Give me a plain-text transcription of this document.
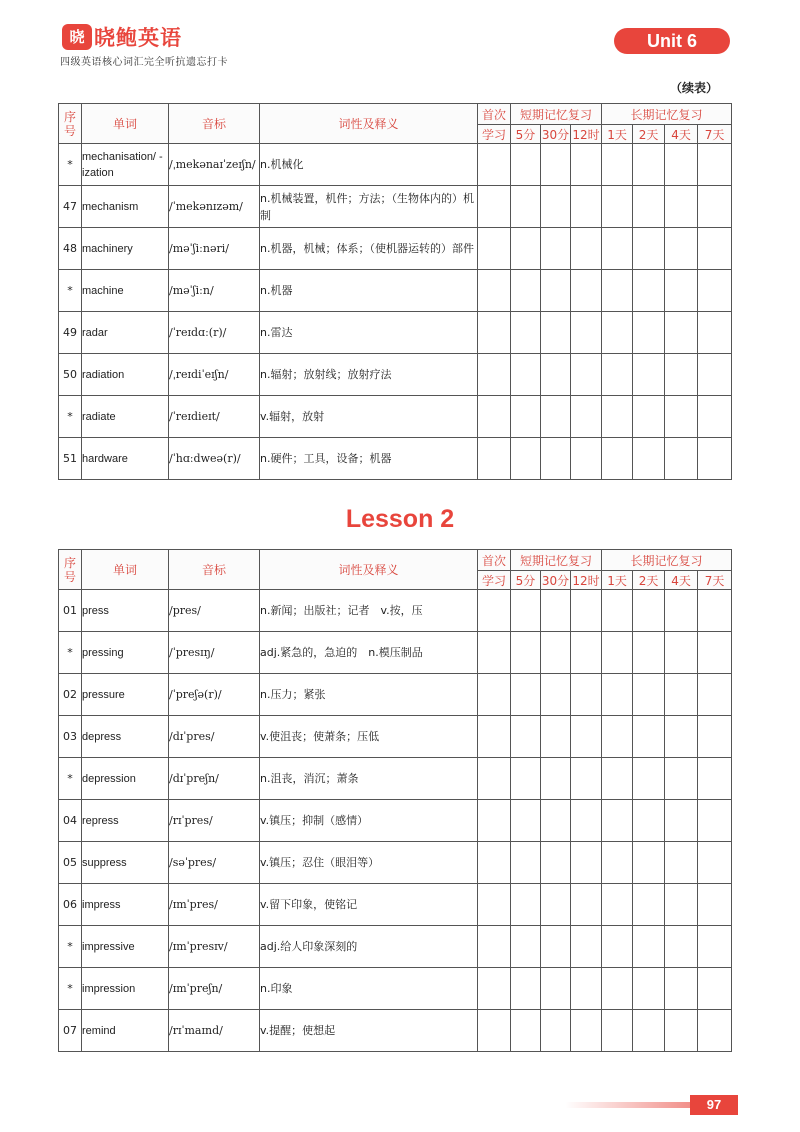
晓 晓鲍英语
四级英语核心词汇完全听抗遗忘打卡
Unit 6
（续表）
序号	单词	音标	词性及释义	首次	短期记忆复习			长期记忆复习			
				学习	5分	30分	12时	1天	2天	4天	7天
*	mechanisation/ -ization	/ˌmekənaɪˈzeɪʃn/	n.机械化								
47	mechanism	/ˈmekənɪzəm/	n.机械装置，机件；方法；（生物体内的）机制								
48	machinery	/məˈʃiːnəri/	n.机器，机械；体系；（使机器运转的）部件								
*	machine	/məˈʃiːn/	n.机器								
49	radar	/ˈreɪdɑː(r)/	n.雷达								
50	radiation	/ˌreɪdiˈeɪʃn/	n.辐射；放射线；放射疗法								
*	radiate	/ˈreɪdieɪt/	v.辐射，放射								
51	hardware	/ˈhɑːdweə(r)/	n.硬件；工具，设备；机器								
Lesson 2
序号	单词	音标	词性及释义	首次	短期记忆复习			长期记忆复习			
				学习	5分	30分	12时	1天	2天	4天	7天
01	press	/pres/	n.新闻；出版社；记者　v.按，压								
*	pressing	/ˈpresɪŋ/	adj.紧急的，急迫的　n.模压制品								
02	pressure	/ˈpreʃə(r)/	n.压力；紧张								
03	depress	/dɪˈpres/	v.使沮丧；使萧条；压低								
*	depression	/dɪˈpreʃn/	n.沮丧，消沉；萧条								
04	repress	/rɪˈpres/	v.镇压；抑制（感情）								
05	suppress	/səˈpres/	v.镇压；忍住（眼泪等）								
06	impress	/ɪmˈpres/	v.留下印象，使铭记								
*	impressive	/ɪmˈpresɪv/	adj.给人印象深刻的								
*	impression	/ɪmˈpreʃn/	n.印象								
07	remind	/rɪˈmaɪnd/	v.提醒；使想起								
97
